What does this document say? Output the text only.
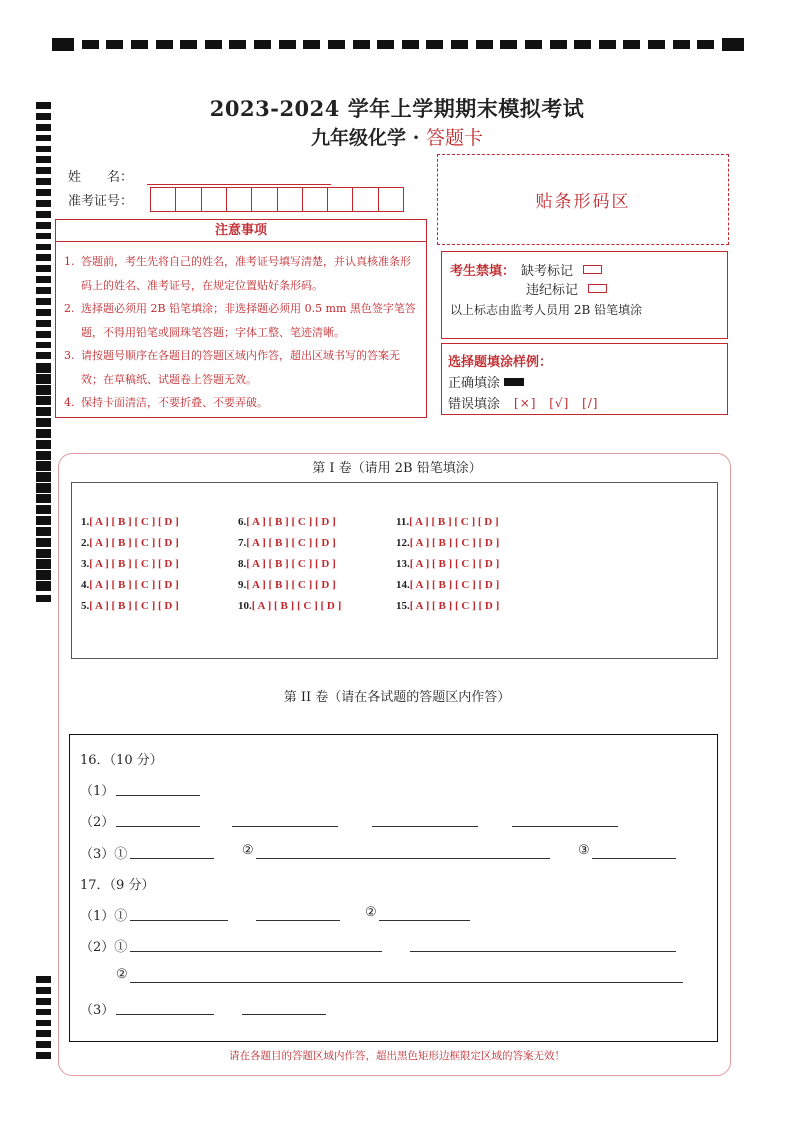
2023-2024 学年上学期期末模拟考试
九年级化学 · 答题卡
姓　　名：
准考证号：	贴条形码区
注意事项
1. 答题前，考生先将自己的姓名，准考证号填写清楚，并认真核准条形码上的姓名、准考证号，在规定位置贴好条形码。
2. 选择题必须用 2B 铅笔填涂；非选择题必须用 0.5 mm 黑色签字笔答题，不得用铅笔或圆珠笔答题；字体工整、笔迹清晰。
3. 请按题号顺序在各题目的答题区域内作答，超出区域书写的答案无效；在草稿纸、试题卷上答题无效。
4. 保持卡面清洁，不要折叠、不要弄破。
考生禁填： 缺考标记
违纪标记
以上标志由监考人员用 2B 铅笔填涂
选择题填涂样例：
正确填涂
错误填涂 [×] [√] [/]
第 I 卷（请用 2B 铅笔填涂）
1.[ A ] [ B ] [ C ] [ D ]
2.[ A ] [ B ] [ C ] [ D ]
3.[ A ] [ B ] [ C ] [ D ]
4.[ A ] [ B ] [ C ] [ D ]
5.[ A ] [ B ] [ C ] [ D ]
6.[ A ] [ B ] [ C ] [ D ]
7.[ A ] [ B ] [ C ] [ D ]
8.[ A ] [ B ] [ C ] [ D ]
9.[ A ] [ B ] [ C ] [ D ]
10.[ A ] [ B ] [ C ] [ D ]
11.[ A ] [ B ] [ C ] [ D ]
12.[ A ] [ B ] [ C ] [ D ]
13.[ A ] [ B ] [ C ] [ D ]
14.[ A ] [ B ] [ C ] [ D ]
15.[ A ] [ B ] [ C ] [ D ]
第 II 卷（请在各试题的答题区内作答）
16．（10 分）
（1）
（2）
（3）①	②	③
17．（9 分）
（1）①	②
（2）①
②
（3）
请在各题目的答题区域内作答，超出黑色矩形边框限定区域的答案无效！
